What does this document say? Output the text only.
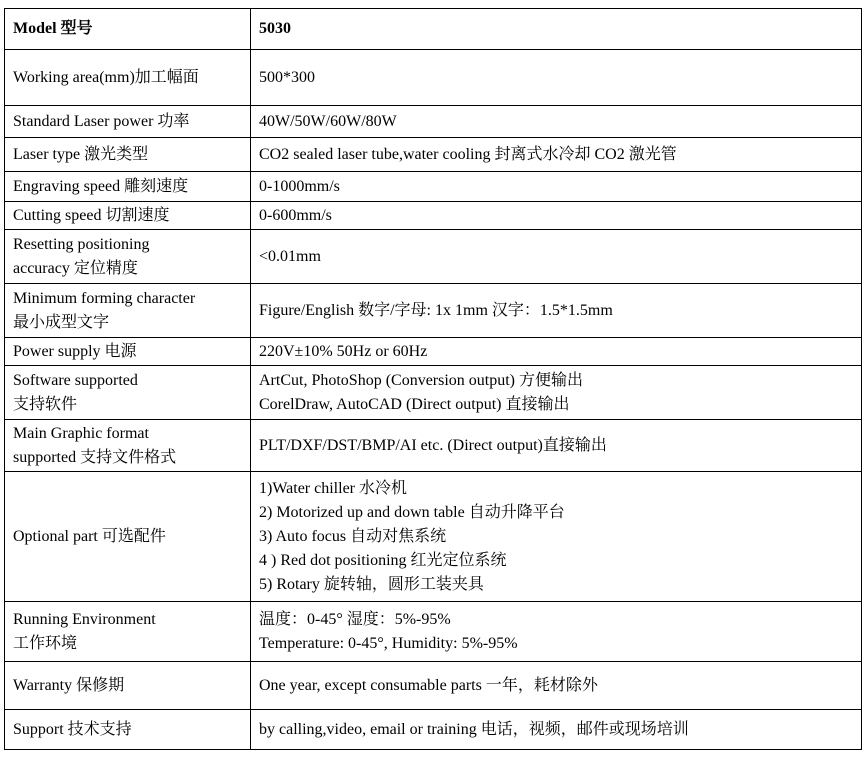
Model 型号	5030

Working area(mm)加工幅面	500*300

Standard Laser power 功率	40W/50W/60W/80W

Laser type 激光类型	CO2 sealed laser tube,water cooling 封离式水冷却 CO2 激光管

Engraving speed 雕刻速度	0-1000mm/s

Cutting speed 切割速度	0-600mm/s

Resetting positioning
accuracy 定位精度	<0.01mm

Minimum forming character
最小成型文字	Figure/English 数字/字母: 1x 1mm 汉字：1.5*1.5mm

Power supply 电源	220V±10% 50Hz or 60Hz

Software supported
支持软件	ArtCut, PhotoShop (Conversion output) 方便输出
CorelDraw, AutoCAD (Direct output) 直接输出

Main Graphic format
supported 支持文件格式	PLT/DXF/DST/BMP/AI etc. (Direct output)直接输出

Optional part 可选配件	1)Water chiller 水冷机
2) Motorized up and down table 自动升降平台
3) Auto focus 自动对焦系统
4 ) Red dot positioning 红光定位系统
5) Rotary 旋转轴，圆形工装夹具

Running Environment
工作环境	温度：0-45° 湿度：5%-95%
Temperature: 0-45°, Humidity: 5%-95%

Warranty 保修期	One year, except consumable parts 一年，耗材除外

Support 技术支持	by calling,video, email or training 电话，视频，邮件或现场培训
